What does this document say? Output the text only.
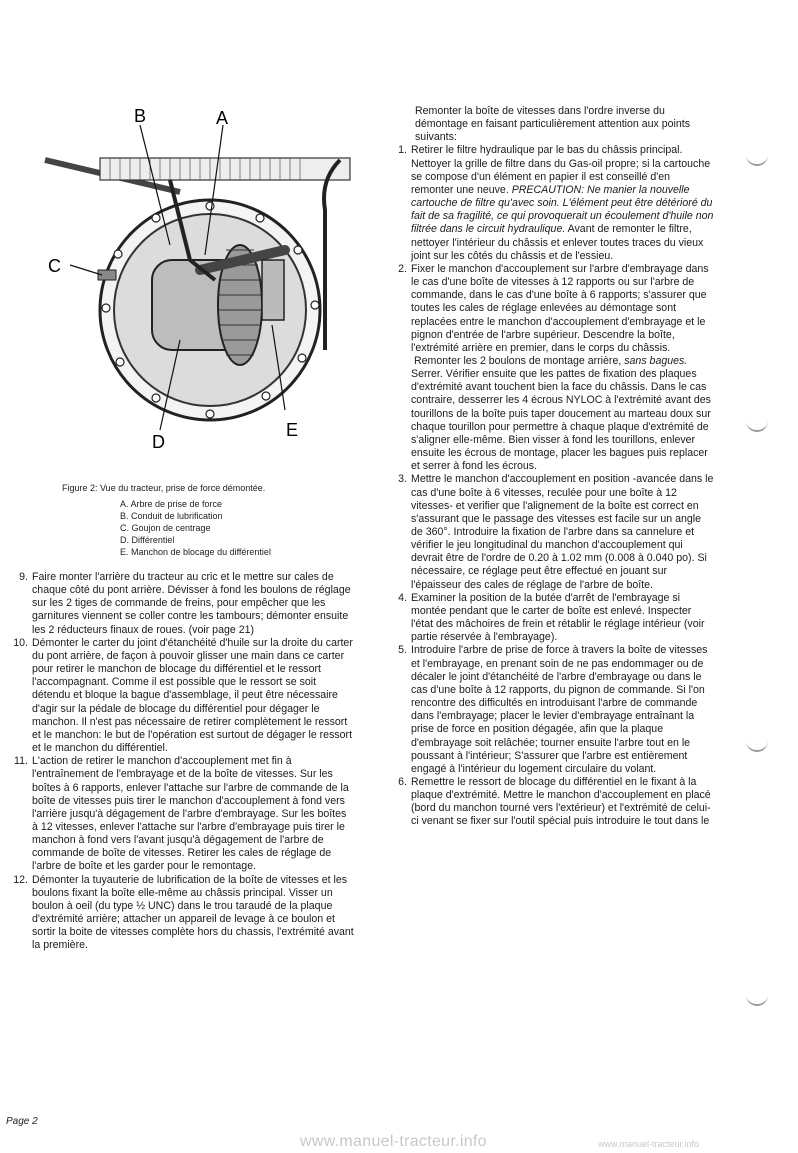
B	A
C
D
E
Figure 2: Vue du tracteur, prise de force démontée.
A. Arbre de prise de force
B. Conduit de lubrification
C. Goujon de centrage
D. Différentiel
E. Manchon de blocage du différentiel
9. Faire monter l'arrière du tracteur au cric et le mettre sur cales de chaque côté du pont arrière. Dévisser à fond les boulons de réglage sur les 2 tiges de commande de freins, pour empêcher que les garnitures viennent se coller contre les tambours; démonter ensuite les 2 réducteurs finaux de roues. (voir page 21)

10. Démonter le carter du joint d'étanchéité d'huile sur la droite du carter du pont arrière, de façon à pouvoir glisser une main dans ce carter pour retirer le manchon de blocage du différentiel et le ressort l'accompagnant. Comme il est possible que le ressort se soit détendu et bloque la bague d'assemblage, il peut être nécessaire d'agir sur la pédale de blocage du différentiel pour dégager le manchon. Il n'est pas nécessaire de retirer complètement le ressort et le manchon: le but de l'opération est surtout de dégager le ressort et le manchon du différentiel.

11. L'action de retirer le manchon d'accouplement met fin à l'entraînement de l'embrayage et de la boîte de vitesses. Sur les boîtes à 6 rapports, enlever l'attache sur l'arbre de commande de la boîte de vitesses puis tirer le manchon d'accouplement à fond vers l'arrière jusqu'à dégagement de l'arbre d'embrayage. Sur les boîtes à 12 vitesses, enlever l'attache sur l'arbre d'embrayage puis tirer le manchon à fond vers l'avant jusqu'à dégagement de l'arbre de commande de boîte de vitesses. Retirer les cales de réglage de l'arbre de boîte et les garder pour le remontage.

12. Démonter la tuyauterie de lubrification de la boîte de vitesses et les boulons fixant la boîte elle-même au châssis principal. Visser un boulon à oeil (du type ½ UNC) dans le trou taraudé de la plaque d'extrémité arrière; attacher un appareil de levage à ce boulon et sortir la boite de vitesses complète hors du chassis, l'extrémité avant la première.

Remonter la boîte de vitesses dans l'ordre inverse du démontage en faisant particulièrement attention aux points suivants:

1. Retirer le filtre hydraulique par le bas du châssis principal. Nettoyer la grille de filtre dans du Gas-oil propre; si la cartouche se compose d'un élément en papier il est conseillé d'en remonter une neuve. PRECAUTION: Ne manier la nouvelle cartouche de filtre qu'avec soin. L'élément peut être détérioré du fait de sa fragilité, ce qui provoquerait un écoulement d'huile non filtrée dans le circuit hydraulique. Avant de remonter le filtre, nettoyer l'intérieur du châssis et enlever toutes traces du vieux joint sur les côtés du châssis et de l'essieu.

2. Fixer le manchon d'accouplement sur l'arbre d'embrayage dans le cas d'une boîte de vitesses à 12 rapports ou sur l'arbre de commande, dans le cas d'une boîte à 6 rapports; s'assurer que toutes les cales de réglage enlevées au démontage sont replacées entre le manchon d'accouplement d'embrayage et le pignon d'entrée de l'arbre supérieur. Descendre la boîte, l'extrémité arrière en premier, dans le corps du châssis.

Remonter les 2 boulons de montage arrière, sans bagues. Serrer. Vérifier ensuite que les pattes de fixation des plaques d'extrémité avant touchent bien la face du châssis. Dans le cas contraire, desserrer les 4 écrous NYLOC à l'extrémité avant des tourillons de la boîte puis taper doucement au marteau doux sur chaque tourillon pour permettre à chaque plaque d'extrémité de s'aligner elle-même. Bien visser à fond les tourillons, enlever ensuite les écrous de montage, placer les bagues puis replacer et serrer à fond les écrous.

3. Mettre le manchon d'accouplement en position -avancée dans le cas d'une boîte à 6 vitesses, reculée pour une boîte à 12 vitesses- et verifier que l'alignement de la boîte est correct en s'assurant que le passage des vitesses est facile sur un angle de 360°. Introduire la fixation de l'arbre dans sa cannelure et vérifier le jeu longitudinal du manchon d'accouplement qui devrait être de l'ordre de 0.20 à 1.02 mm (0.008 à 0.040 po). Si nécessaire, ce réglage peut être effectué en jouant sur l'épaisseur des cales de réglage de l'arbre de boîte.

4. Examiner la position de la butée d'arrêt de l'embrayage si montée pendant que le carter de boîte est enlevé. Inspecter l'état des mâchoires de frein et rétablir le réglage intérieur (voir partie réservée à l'embrayage).

5. Introduire l'arbre de prise de force à travers la boîte de vitesses et l'embrayage, en prenant soin de ne pas endommager ou de décaler le joint d'étanchéité de l'arbre d'embrayage ou dans le cas d'une boîte à 12 rapports, du pignon de commande. Si l'on rencontre des difficultés en introduisant l'arbre de commande dans l'embrayage; placer le levier d'embrayage entraînant la prise de force en position dégagée, afin que la plaque d'embrayage soit relâchée; tourner ensuite l'arbre tout en le poussant à l'intérieur; S'assurer que l'arbre est entièrement engagé à l'intérieur du logement circulaire du volant.

6. Remettre le ressort de blocage du différentiel en le fixant à la plaque d'extrémité. Mettre le manchon d'accouplement en placé (bord du manchon tourné vers l'extérieur) et l'extrémité de celui-ci venant se fixer sur l'outil spécial puis introduire le tout dans le

Page 2
www.manuel-tracteur.info	www.manuel-tracteur.info
